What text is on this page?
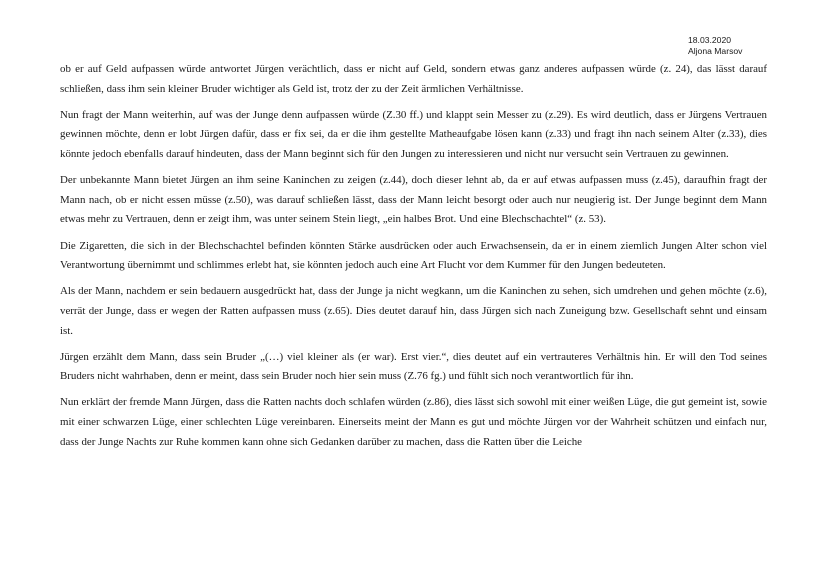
18.03.2020
Aljona Marsov

ob er auf Geld aufpassen würde antwortet Jürgen verächtlich, dass er nicht auf Geld, sondern etwas ganz anderes aufpassen würde (z. 24), das lässt darauf schließen, dass ihm sein kleiner Bruder wichtiger als Geld ist, trotz der zu der Zeit ärmlichen Verhältnisse.

Nun fragt der Mann weiterhin, auf was der Junge denn aufpassen würde (Z.30 ff.) und klappt sein Messer zu (z.29). Es wird deutlich, dass er Jürgens Vertrauen gewinnen möchte, denn er lobt Jürgen dafür, dass er fix sei, da er die ihm gestellte Matheaufgabe lösen kann (z.33) und fragt ihn nach seinem Alter (z.33), dies könnte jedoch ebenfalls darauf hindeuten, dass der Mann beginnt sich für den Jungen zu interessieren und nicht nur versucht sein Vertrauen zu gewinnen.

Der unbekannte Mann bietet Jürgen an ihm seine Kaninchen zu zeigen (z.44), doch dieser lehnt ab, da er auf etwas aufpassen muss (z.45), daraufhin fragt der Mann nach, ob er nicht essen müsse (z.50), was darauf schließen lässt, dass der Mann leicht besorgt oder auch nur neugierig ist. Der Junge beginnt dem Mann etwas mehr zu Vertrauen, denn er zeigt ihm, was unter seinem Stein liegt, „ein halbes Brot. Und eine Blechschachtel“ (z. 53).

Die Zigaretten, die sich in der Blechschachtel befinden könnten Stärke ausdrücken oder auch Erwachsensein, da er in einem ziemlich Jungen Alter schon viel Verantwortung übernimmt und schlimmes erlebt hat, sie könnten jedoch auch eine Art Flucht vor dem Kummer für den Jungen bedeuteten.

Als der Mann, nachdem er sein bedauern ausgedrückt hat, dass der Junge ja nicht wegkann, um die Kaninchen zu sehen, sich umdrehen und gehen möchte (z.6), verrät der Junge, dass er wegen der Ratten aufpassen muss (z.65). Dies deutet darauf hin, dass Jürgen sich nach Zuneigung bzw. Gesellschaft sehnt und einsam ist.

Jürgen erzählt dem Mann, dass sein Bruder „(…) viel kleiner als (er war). Erst vier.“, dies deutet auf ein vertrauteres Verhältnis hin. Er will den Tod seines Bruders nicht wahrhaben, denn er meint, dass sein Bruder noch hier sein muss (Z.76 fg.) und fühlt sich noch verantwortlich für ihn.

Nun erklärt der fremde Mann Jürgen, dass die Ratten nachts doch schlafen würden (z.86), dies lässt sich sowohl mit einer weißen Lüge, die gut gemeint ist, sowie mit einer schwarzen Lüge, einer schlechten Lüge vereinbaren. Einerseits meint der Mann es gut und möchte Jürgen vor der Wahrheit schützen und einfach nur, dass der Junge Nachts zur Ruhe kommen kann ohne sich Gedanken darüber zu machen, dass die Ratten über die Leiche
